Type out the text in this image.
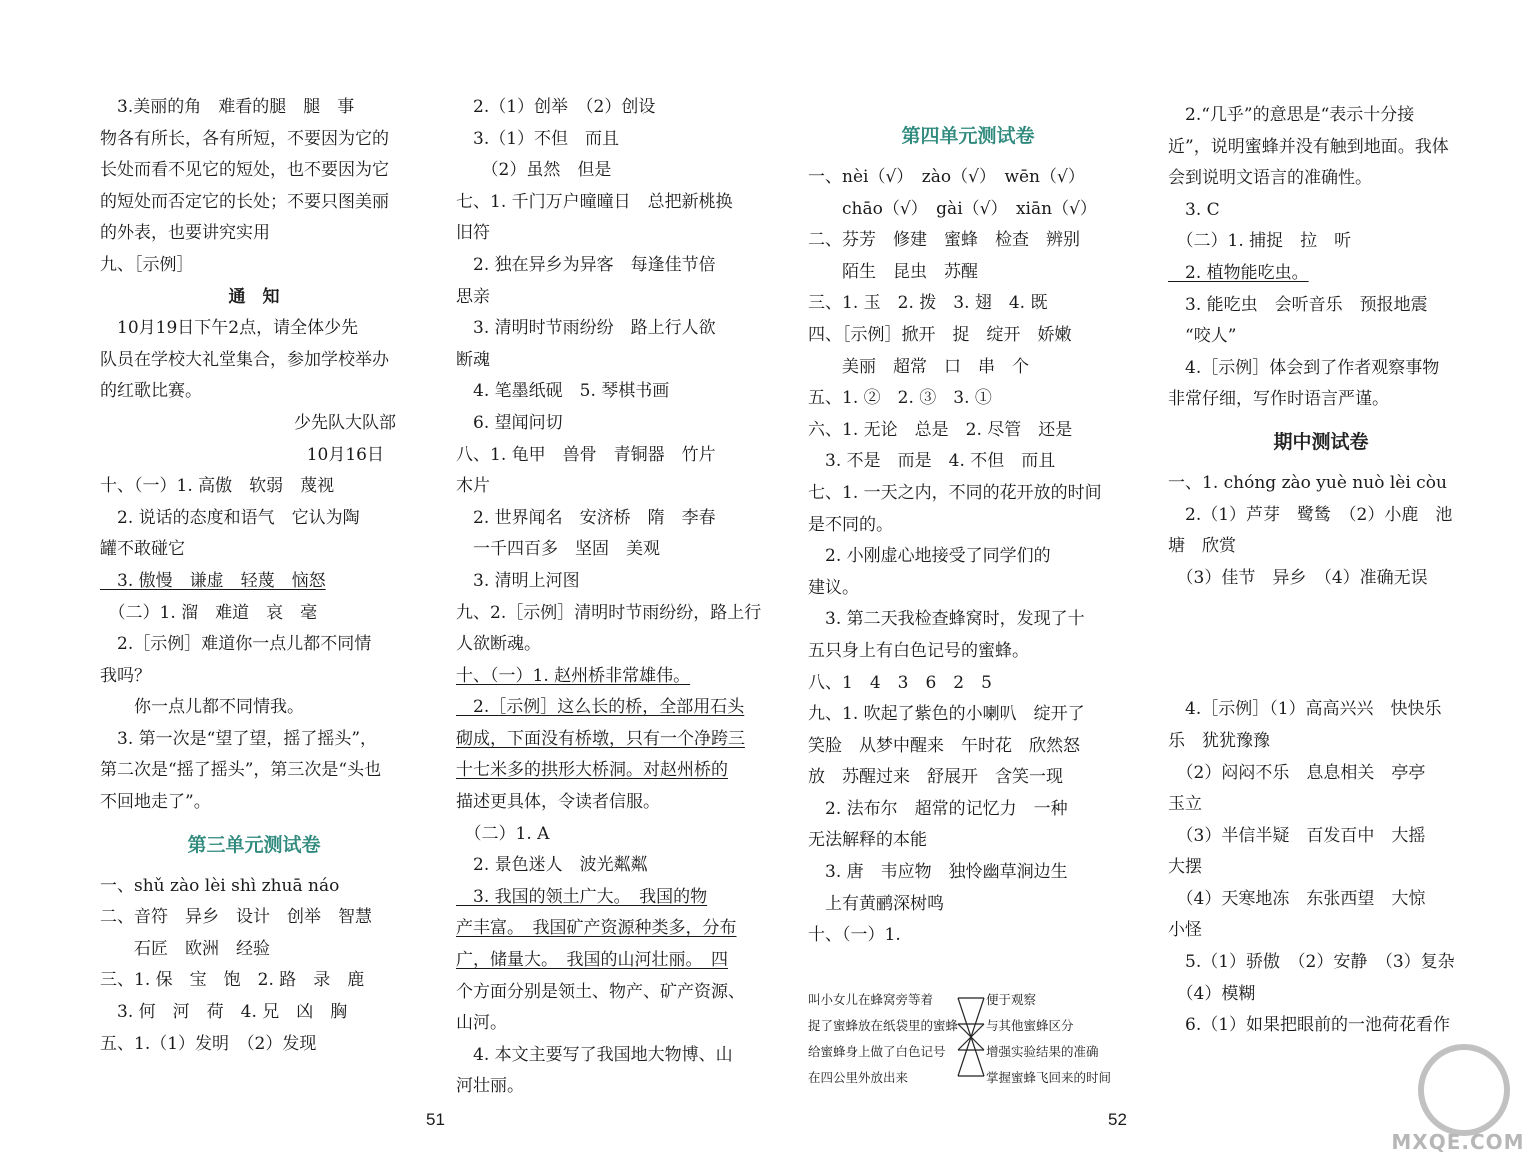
　3.美丽的角　难看的腿　腿　事
物各有所长，各有所短，不要因为它的
长处而看不见它的短处，也不要因为它
的短处而否定它的长处；不要只图美丽
的外表，也要讲究实用
九、［示例］
通　知
　10月19日下午2点，请全体少先
队员在学校大礼堂集合，参加学校举办
的红歌比赛。
少先队大队部
10月16日
十、（一）1. 高傲　软弱　蔑视
　2. 说话的态度和语气　它认为陶
罐不敢碰它
　3. 傲慢　谦虚　轻蔑　恼怒
　（二）1. 溜　难道　哀　毫
　2.［示例］难道你一点儿都不同情
我吗？
　　你一点儿都不同情我。
　3. 第一次是“望了望，摇了摇头”，
第二次是“摇了摇头”，第三次是“头也
不回地走了”。
第三单元测试卷
一、shǔ zào lèi shì zhuā náo
二、音符　异乡　设计　创举　智慧
　　石匠　欧洲　经验
三、1. 保　宝　饱　2. 路　录　鹿
　3. 何　河　荷　4. 兄　凶　胸
五、1.（1）发明　（2）发现
　2.（1）创举　（2）创设
　3.（1）不但　而且
　　（2）虽然　但是
七、1. 千门万户曈曈日　总把新桃换
旧符
　2. 独在异乡为异客　每逢佳节倍
思亲
　3. 清明时节雨纷纷　路上行人欲
断魂
　4. 笔墨纸砚　5. 琴棋书画
　6. 望闻问切
八、1. 龟甲　兽骨　青铜器　竹片
木片
　2. 世界闻名　安济桥　隋　李春
　一千四百多　坚固　美观
　3. 清明上河图
九、2.［示例］清明时节雨纷纷，路上行
人欲断魂。
十、（一）1. 赵州桥非常雄伟。
　2.［示例］这么长的桥，全部用石头
砌成，下面没有桥墩，只有一个净跨三
十七米多的拱形大桥洞。对赵州桥的
描述更具体，令读者信服。
　（二）1. A
　2. 景色迷人　波光粼粼
　3. 我国的领土广大。　我国的物
产丰富。　我国矿产资源种类多，分布
广，储量大。　我国的山河壮丽。　四
个方面分别是领土、物产、矿产资源、
山河。
　4. 本文主要写了我国地大物博、山
河壮丽。
第四单元测试卷
一、nèi（√）　zào（√）　wēn（√）
　　chāo（√）　gài（√）　xiān（√）
二、芬芳　修建　蜜蜂　检查　辨别
　　陌生　昆虫　苏醒
三、1. 玉　2. 拨　3. 翅　4. 既
四、［示例］掀开　捉　绽开　娇嫩
　　美丽　超常　口　串　个
五、1. ②　2. ③　3. ①
六、1. 无论　总是　2. 尽管　还是
　3. 不是　而是　4. 不但　而且
七、1. 一天之内，不同的花开放的时间
是不同的。
　2. 小刚虚心地接受了同学们的
建议。
　3. 第二天我检查蜂窝时，发现了十
五只身上有白色记号的蜜蜂。
八、1　4　3　6　2　5
九、1. 吹起了紫色的小喇叭　绽开了
笑脸　从梦中醒来　午时花　欣然怒
放　苏醒过来　舒展开　含笑一现
　2. 法布尔　超常的记忆力　一种
无法解释的本能
　3. 唐　韦应物　独怜幽草涧边生
　上有黄鹂深树鸣
十、（一）1.
叫小女儿在蜂窝旁等着
捉了蜜蜂放在纸袋里的蜜蜂
给蜜蜂身上做了白色记号
在四公里外放出来
便于观察
与其他蜜蜂区分
增强实验结果的准确
掌握蜜蜂飞回来的时间
　2.“几乎”的意思是“表示十分接
近”，说明蜜蜂并没有触到地面。我体
会到说明文语言的准确性。
　3. C
　（二）1. 捕捉　拉　听
　2. 植物能吃虫。
　3. 能吃虫　会听音乐　预报地震
　“咬人”
　4.［示例］体会到了作者观察事物
非常仔细，写作时语言严谨。
期中测试卷
一、1. chóng zào yuè nuò lèi còu
　2.（1）芦芽　鹭鸶　（2）小鹿　池
塘　欣赏
　（3）佳节　异乡　（4）准确无误

　4.［示例］（1）高高兴兴　快快乐
乐　犹犹豫豫
　（2）闷闷不乐　息息相关　亭亭
玉立
　（3）半信半疑　百发百中　大摇
大摆
　（4）天寒地冻　东张西望　大惊
小怪
　5.（1）骄傲　（2）安静　（3）复杂
　（4）模糊
　6.（1）如果把眼前的一池荷花看作
51	52
MXQE.COM
